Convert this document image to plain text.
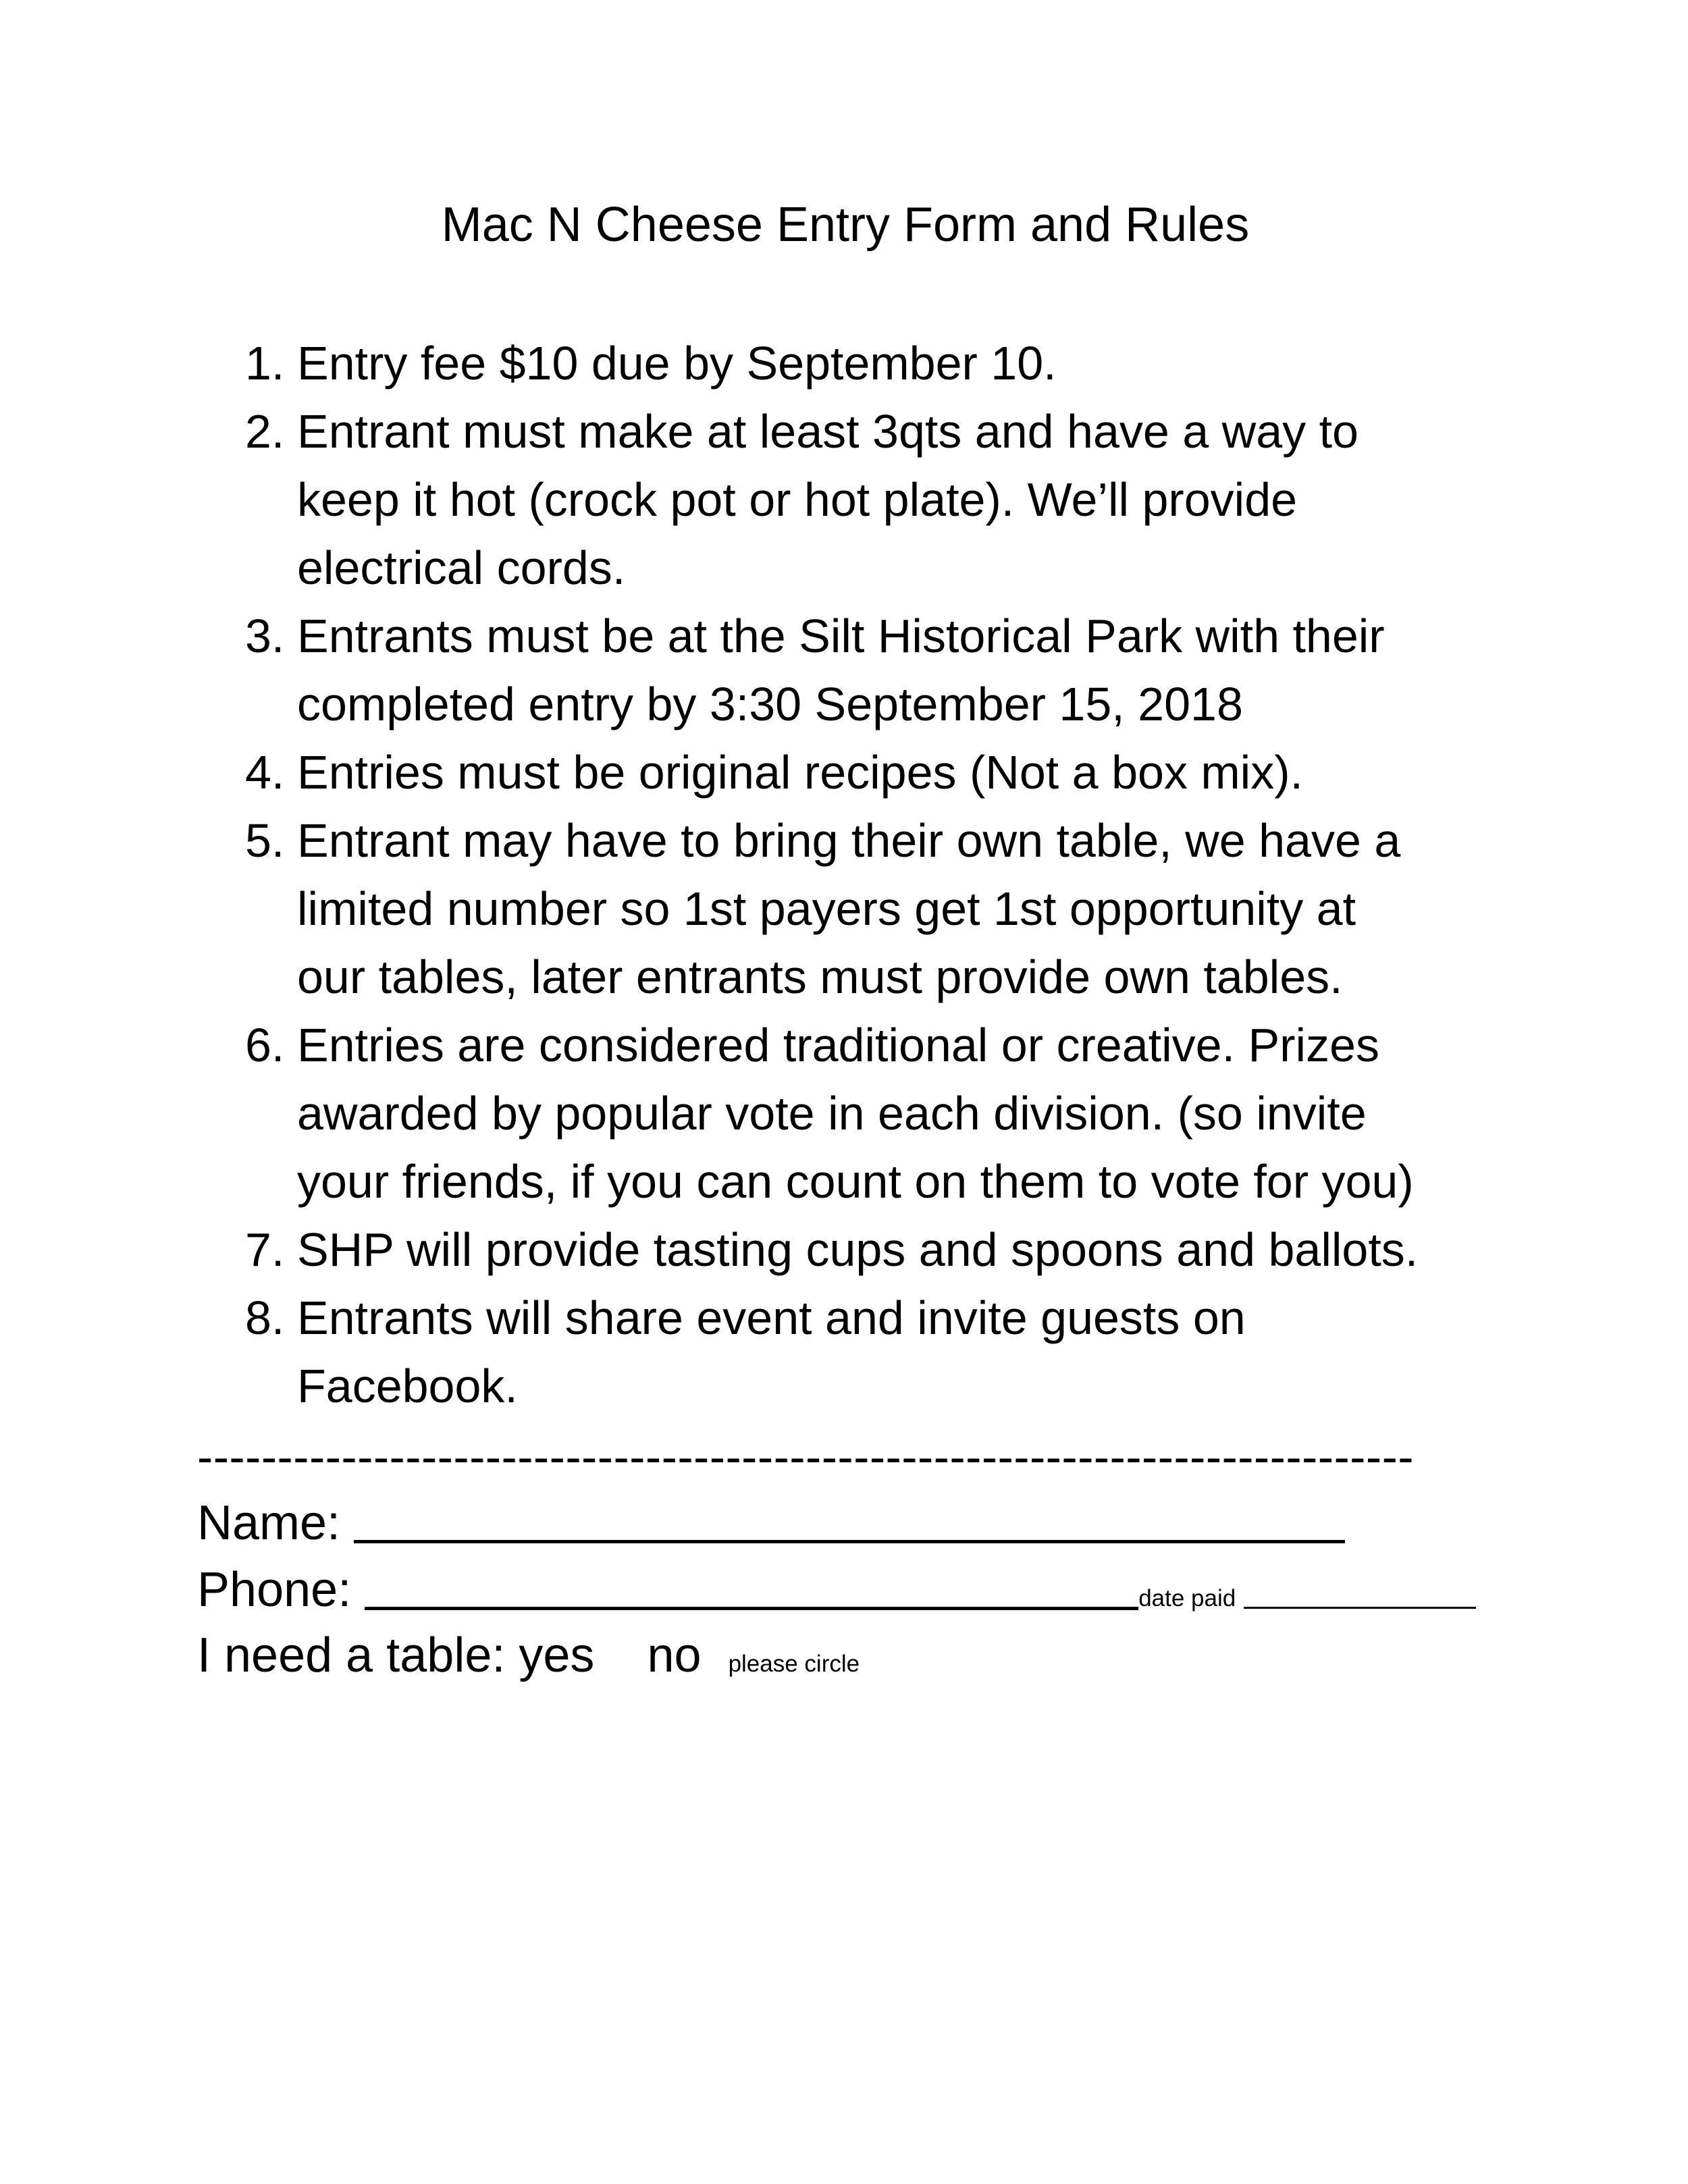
Mac N Cheese Entry Form and Rules
1. Entry fee $10 due by September 10.
2. Entrant must make at least 3qts and have a way to
keep it hot (crock pot or hot plate). We’ll provide
electrical cords.
3. Entrants must be at the Silt Historical Park with their
completed entry by 3:30 September 15, 2018
4. Entries must be original recipes (Not a box mix).
5. Entrant may have to bring their own table, we have a
limited number so 1st payers get 1st opportunity at
our tables, later entrants must provide own tables.
6. Entries are considered traditional or creative. Prizes
awarded by popular vote in each division. (so invite
your friends, if you can count on them to vote for you)
7. SHP will provide tasting cups and spoons and ballots.
8. Entrants will share event and invite guests on
Facebook.
----------------------------------------------------------------------------
Name:
Phone:	date paid
I need a table: yes no please circle
